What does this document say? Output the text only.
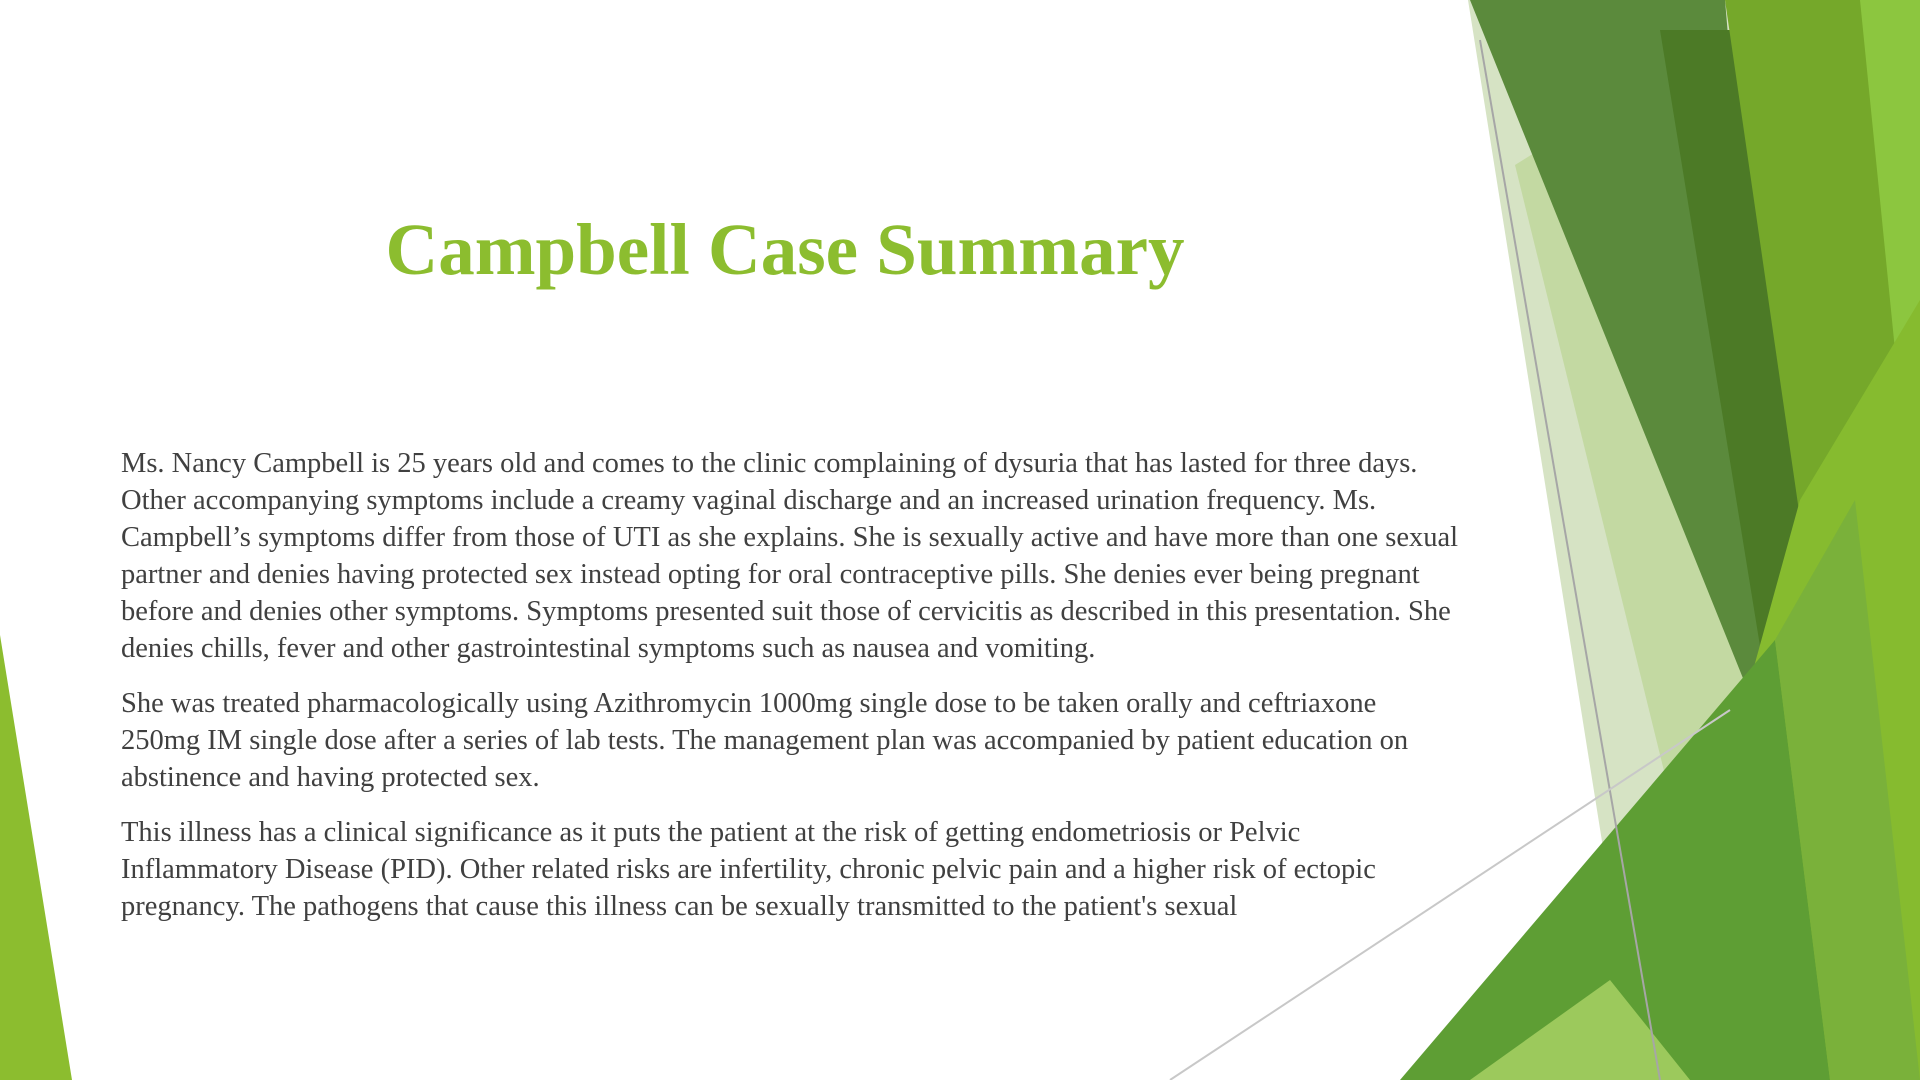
Campbell Case Summary

Ms. Nancy Campbell is 25 years old and comes to the clinic complaining of dysuria that has lasted for three days. Other accompanying symptoms include a creamy vaginal discharge and an increased urination frequency. Ms. Campbell’s symptoms differ from those of UTI as she explains. She is sexually active and have more than one sexual partner and denies having protected sex instead opting for oral contraceptive pills. She denies ever being pregnant before and denies other symptoms. Symptoms presented suit those of cervicitis as described in this presentation. She denies chills, fever and other gastrointestinal symptoms such as nausea and vomiting.

She was treated pharmacologically using Azithromycin 1000mg single dose to be taken orally and ceftriaxone 250mg IM single dose after a series of lab tests. The management plan was accompanied by patient education on abstinence and having protected sex.

This illness has a clinical significance as it puts the patient at the risk of getting endometriosis or Pelvic Inflammatory Disease (PID). Other related risks are infertility, chronic pelvic pain and a higher risk of ectopic pregnancy. The pathogens that cause this illness can be sexually transmitted to the patient's sexual
